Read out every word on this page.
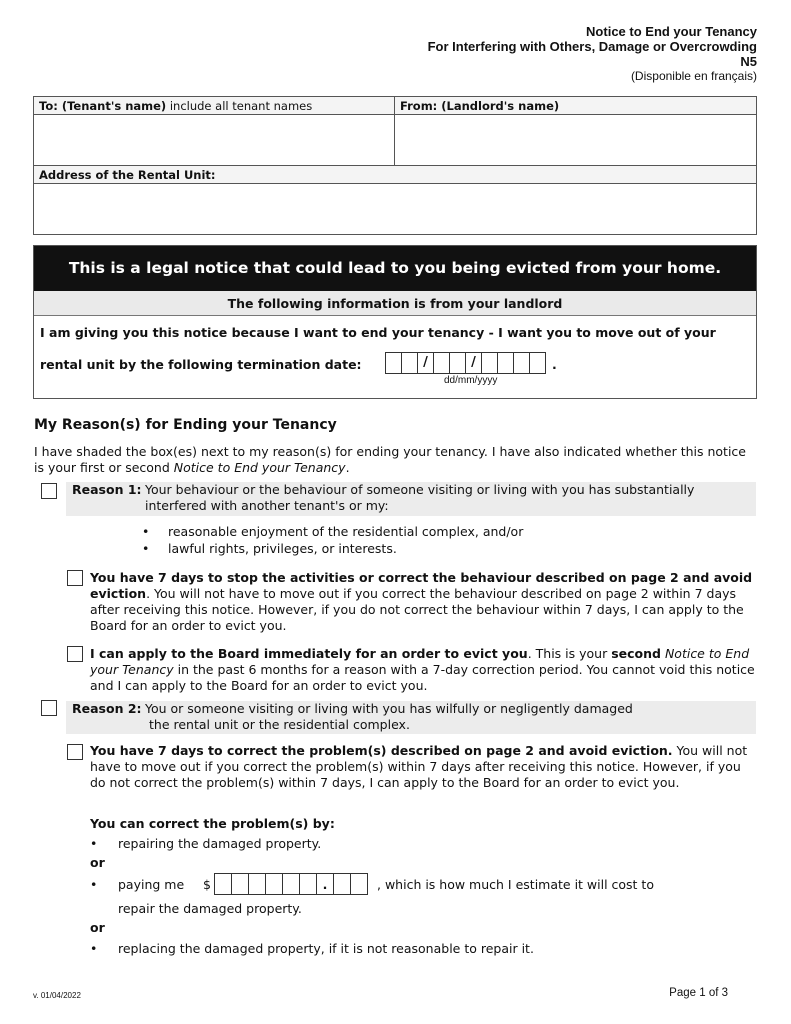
Notice to End your Tenancy
For Interfering with Others, Damage or Overcrowding
N5
(Disponible en français)
To: (Tenant's name) include all tenant names	From: (Landlord's name)
Address of the Rental Unit:
This is a legal notice that could lead to you being evicted from your home.
The following information is from your landlord
I am giving you this notice because I want to end your tenancy - I want you to move out of your
rental unit by the following termination date:	/	/	.
dd/mm/yyyy
My Reason(s) for Ending your Tenancy
I have shaded the box(es) next to my reason(s) for ending your tenancy. I have also indicated whether this notice is your first or second Notice to End your Tenancy.
Reason 1: Your behaviour or the behaviour of someone visiting or living with you has substantially
interfered with another tenant's or my:
• reasonable enjoyment of the residential complex, and/or
• lawful rights, privileges, or interests.
You have 7 days to stop the activities or correct the behaviour described on page 2 and avoid eviction. You will not have to move out if you correct the behaviour described on page 2 within 7 days after receiving this notice. However, if you do not correct the behaviour within 7 days, I can apply to the Board for an order to evict you.
I can apply to the Board immediately for an order to evict you. This is your second Notice to End your Tenancy in the past 6 months for a reason with a 7-day correction period. You cannot void this notice and I can apply to the Board for an order to evict you.
Reason 2: You or someone visiting or living with you has wilfully or negligently damaged
the rental unit or the residential complex.
You have 7 days to correct the problem(s) described on page 2 and avoid eviction. You will not have to move out if you correct the problem(s) within 7 days after receiving this notice. However, if you do not correct the problem(s) within 7 days, I can apply to the Board for an order to evict you.
You can correct the problem(s) by:
• repairing the damaged property.
or
• paying me $	, which is how much I estimate it will cost to
.
repair the damaged property.
or
• replacing the damaged property, if it is not reasonable to repair it.
v. 01/04/2022	Page 1 of 3
